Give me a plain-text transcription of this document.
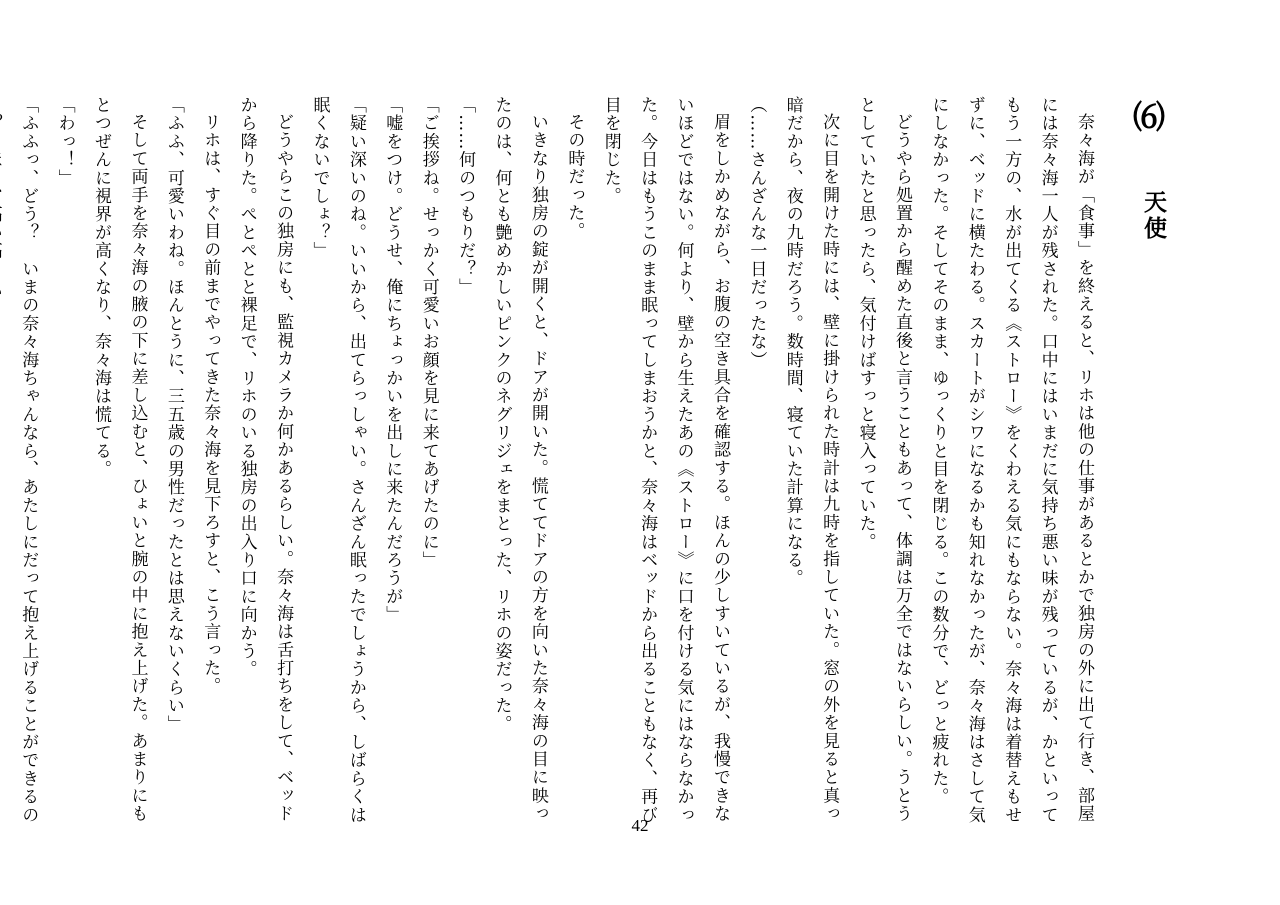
⑹
天使

奈々海が「食事」を終えると、リホは他の仕事があるとかで独房の外に出て行き、部屋には奈々海一人が残された。口中にはいまだに気持ち悪い味が残っているが、かといってもう一方の、水が出てくる《ストロー》をくわえる気にもならない。奈々海は着替えもせずに、ベッドに横たわる。スカートがシワになるかも知れなかったが、奈々海はさして気にしなかった。そしてそのまま、ゆっくりと目を閉じる。この数分で、どっと疲れた。

どうやら処置から醒めた直後と言うこともあって、体調は万全ではないらしい。うとうとしていたと思ったら、気付けばすっと寝入っていた。

次に目を開けた時には、壁に掛けられた時計は九時を指していた。窓の外を見ると真っ暗だから、夜の九時だろう。数時間、寝ていた計算になる。

（……さんざんな一日だったな）

眉をしかめながら、お腹の空き具合を確認する。ほんの少しすいているが、我慢できないほどではない。何より、壁から生えたあの《ストロー》に口を付ける気にはならなかった。今日はもうこのまま眠ってしまおうかと、奈々海はベッドから出ることもなく、再び目を閉じた。

その時だった。

いきなり独房の錠が開くと、ドアが開いた。慌ててドアの方を向いた奈々海の目に映ったのは、何とも艶めかしいピンクのネグリジェをまとった、リホの姿だった。

「……何のつもりだ？」

「ご挨拶ね。せっかく可愛いお顔を見に来てあげたのに」

「嘘をつけ。どうせ、俺にちょっかいを出しに来たんだろうが」

「疑い深いのね。いいから、出てらっしゃい。さんざん眠ったでしょうから、しばらくは眠くないでしょ？」

どうやらこの独房にも、監視カメラか何かあるらしい。奈々海は舌打ちをして、ベッドから降りた。ぺとぺとと裸足で、リホのいる独房の出入り口に向かう。

リホは、すぐ目の前までやってきた奈々海を見下ろすと、こう言った。

「ふふ、可愛いわね。ほんとうに、三五歳の男性だったとは思えないくらい」

そして両手を奈々海の腋の下に差し込むと、ひょいと腕の中に抱え上げた。あまりにもとつぜんに視界が高くなり、奈々海は慌てる。

「わっ！」

「ふふっ、どう？　いまの奈々海ちゃんなら、あたしにだって抱え上げることができるの　

42
